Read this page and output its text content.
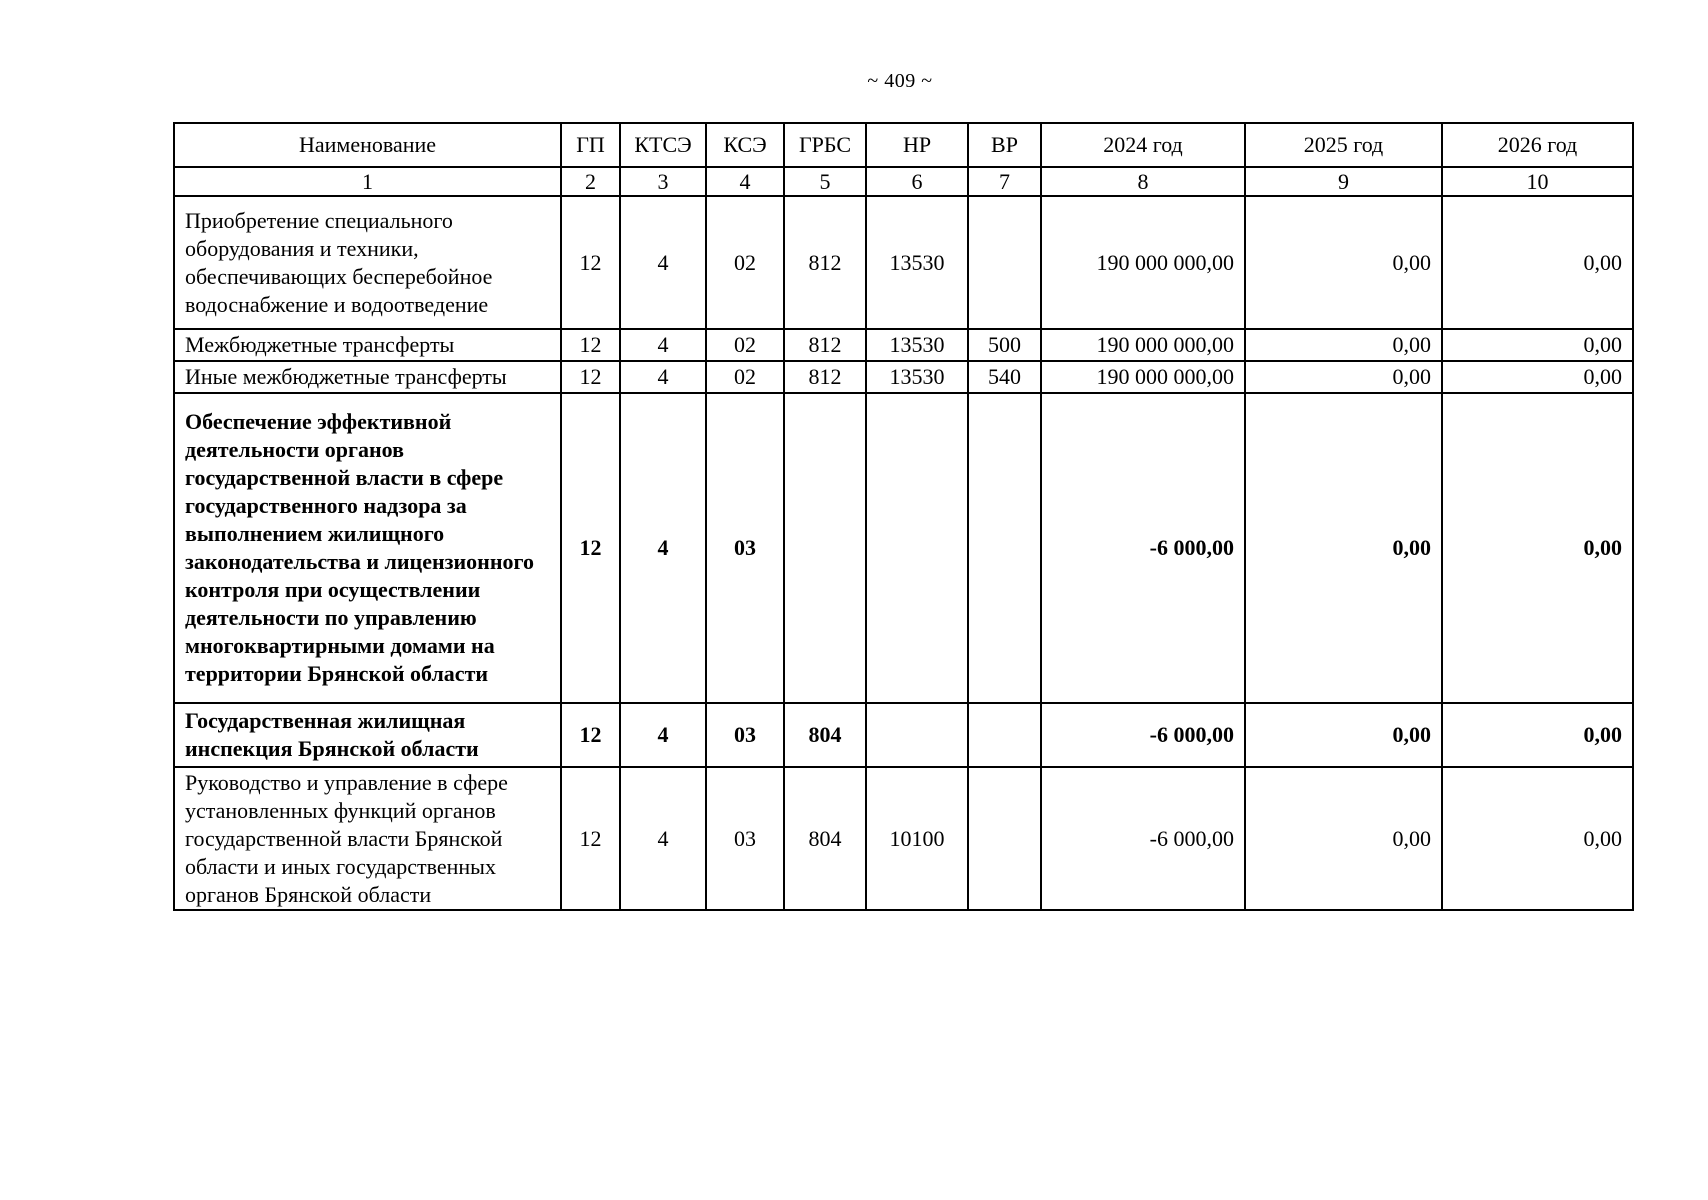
~ 409 ~
Наименование	ГП	КТСЭ	КСЭ	ГРБС	НР	ВР	2024 год	2025 год	2026 год
1	2	3	4	5	6	7	8	9	10
Приобретение специального оборудования и техники, обеспечивающих бесперебойное водоснабжение и водоотведение	12	4	02	812	13530		190 000 000,00	0,00	0,00
Межбюджетные трансферты	12	4	02	812	13530	500	190 000 000,00	0,00	0,00
Иные межбюджетные трансферты	12	4	02	812	13530	540	190 000 000,00	0,00	0,00
Обеспечение эффективной деятельности органов государственной власти в сфере государственного надзора за выполнением жилищного законодательства и лицензионного контроля при осуществлении деятельности по управлению многоквартирными домами на территории Брянской области	12	4	03				-6 000,00	0,00	0,00
Государственная жилищная инспекция Брянской области	12	4	03	804			-6 000,00	0,00	0,00
Руководство и управление в сфере установленных функций органов государственной власти Брянской области и иных государственных органов Брянской области	12	4	03	804	10100		-6 000,00	0,00	0,00
